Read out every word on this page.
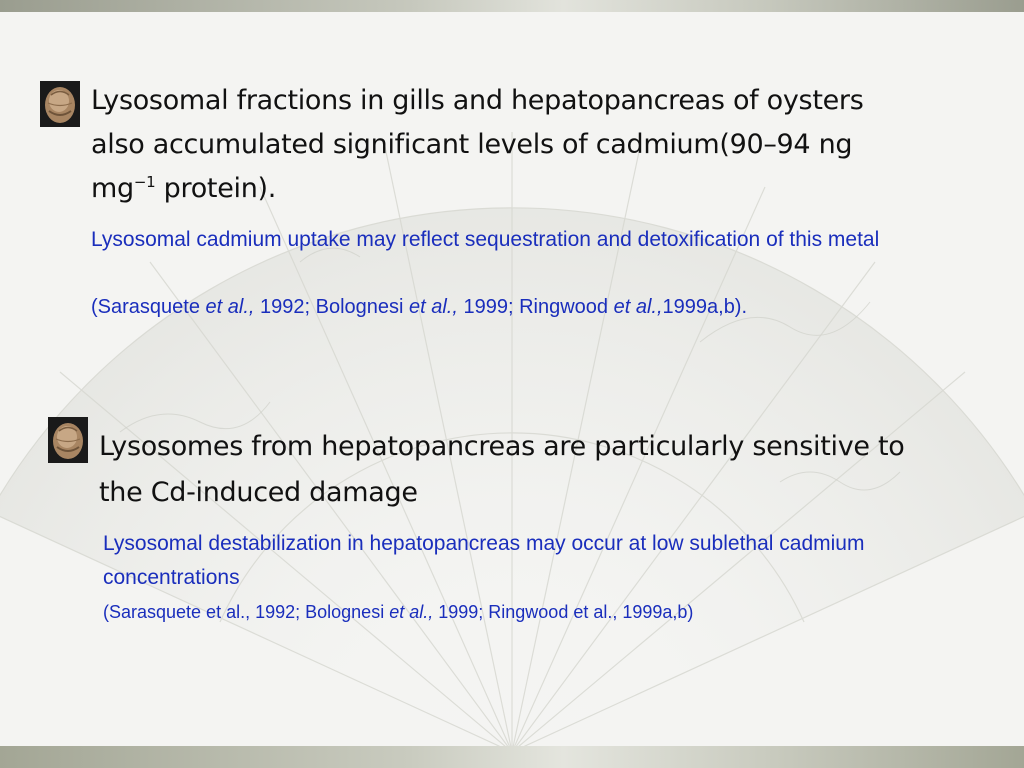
Lysosomal fractions in gills and hepatopancreas of oysters also accumulated significant levels of cadmium(90–94 ng $mg^{-1}$ protein).

Lysosomal cadmium uptake may reflect sequestration and detoxification of this metal

(Sarasquete et al., 1992; Bolognesi et al., 1999; Ringwood et al.,1999a,b).

Lysosomes from hepatopancreas are particularly sensitive to the Cd-induced damage

Lysosomal destabilization in hepatopancreas may occur at low sublethal cadmium concentrations

(Sarasquete et al., 1992; Bolognesi et al., 1999; Ringwood et al., 1999a,b)
